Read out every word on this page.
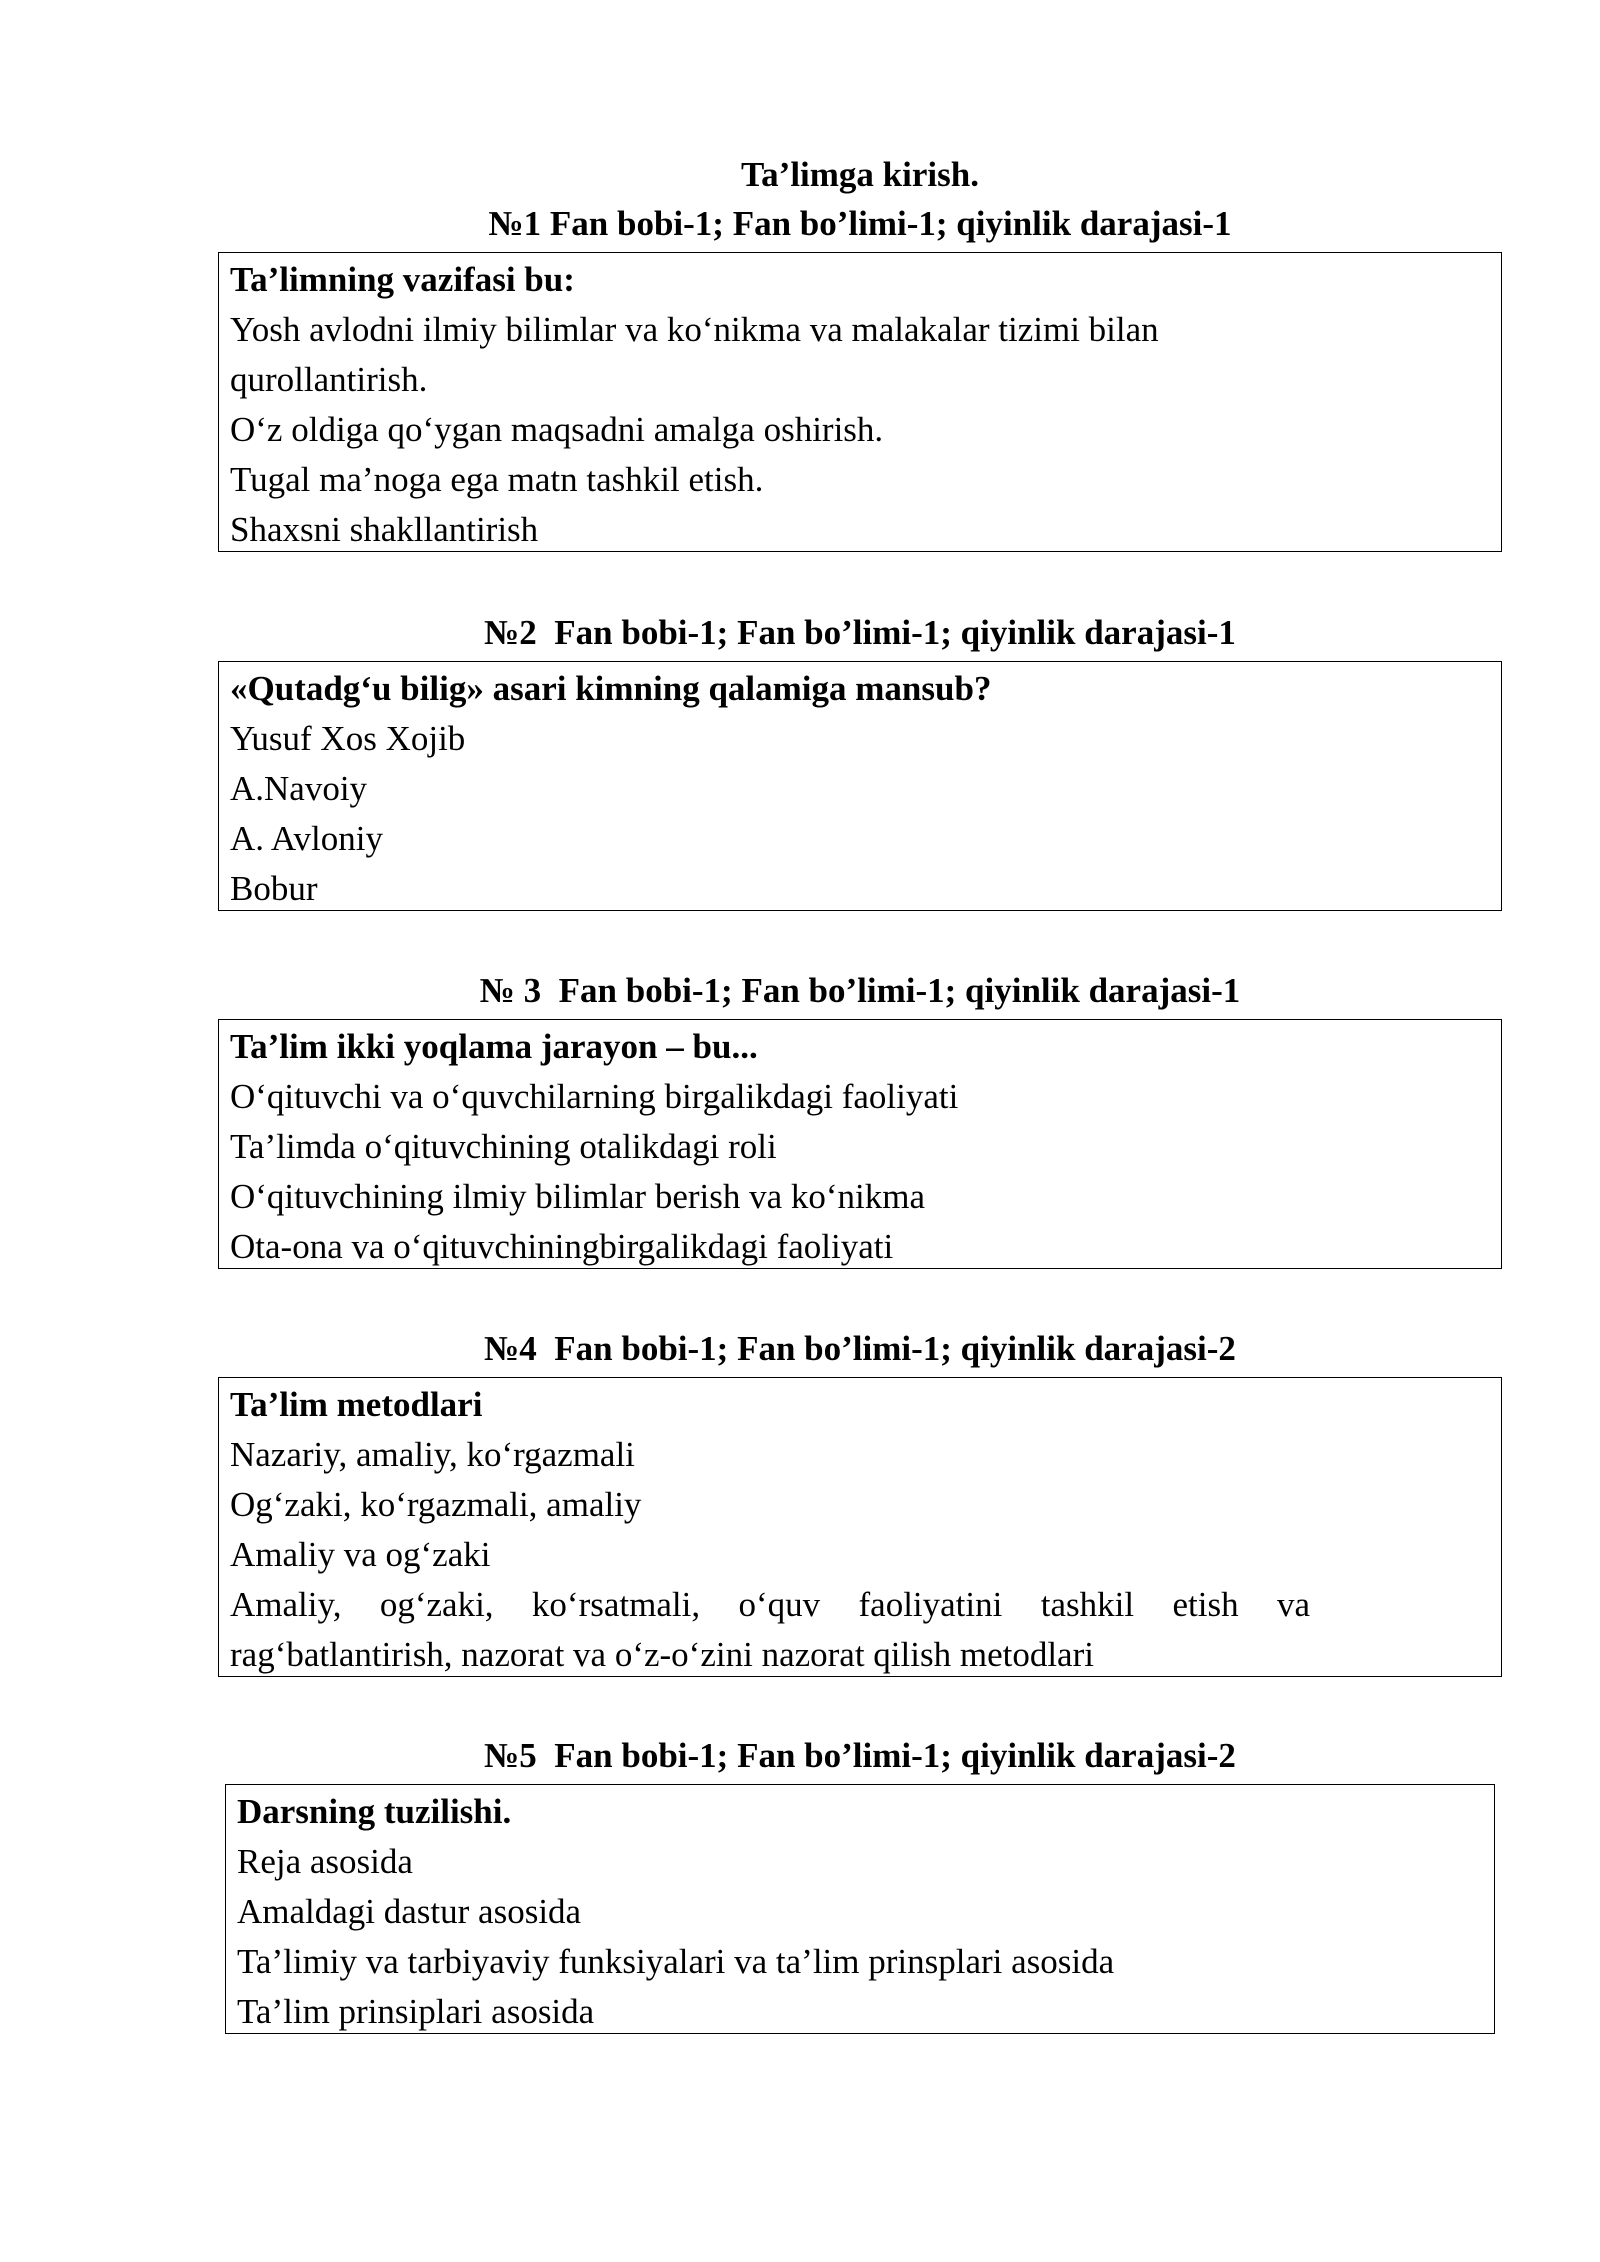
Ta’limga kirish.
№1 Fan bobi-1; Fan bo’limi-1; qiyinlik darajasi-1
Ta’limning vazifasi bu:
Yosh avlodni ilmiy bilimlar va ko‘nikma va malakalar tizimi bilan qurollantirish.
O‘z oldiga qo‘ygan maqsadni amalga oshirish.
Tugal ma’noga ega matn tashkil etish.
Shaxsni shakllantirish
№2  Fan bobi-1; Fan bo’limi-1; qiyinlik darajasi-1
«Qutadg‘u bilig» asari kimning qalamiga mansub?
Yusuf Xos Xojib
A.Navoiy
A. Avloniy
Bobur
№ 3  Fan bobi-1; Fan bo’limi-1; qiyinlik darajasi-1
Ta’lim ikki yoqlama jarayon – bu...
O‘qituvchi va o‘quvchilarning birgalikdagi faoliyati
Ta’limda o‘qituvchining otalikdagi roli
O‘qituvchining ilmiy bilimlar berish va ko‘nikma
Ota-ona va o‘qituvchiningbirgalikdagi faoliyati
№4  Fan bobi-1; Fan bo’limi-1; qiyinlik darajasi-2
Ta’lim metodlari
Nazariy, amaliy, ko‘rgazmali
Og‘zaki, ko‘rgazmali, amaliy
Amaliy va og‘zaki
Amaliy, og‘zaki, ko‘rsatmali, o‘quv faoliyatini tashkil etish va rag‘batlantirish, nazorat va o‘z-o‘zini nazorat qilish metodlari
№5  Fan bobi-1; Fan bo’limi-1; qiyinlik darajasi-2
Darsning tuzilishi.
Reja asosida
Amaldagi dastur asosida
Ta’limiy va tarbiyaviy funksiyalari va ta’lim prinsplari asosida
Ta’lim prinsiplari asosida
